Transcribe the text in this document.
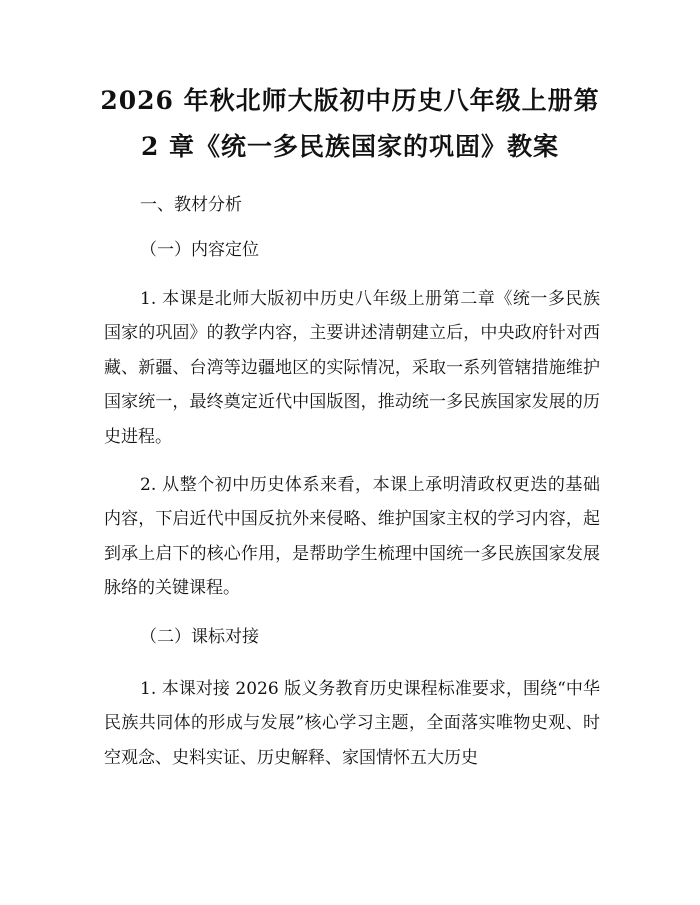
2026 年秋北师大版初中历史八年级上册第 2 章《统一多民族国家的巩固》教案

一、教材分析

（一）内容定位

1. 本课是北师大版初中历史八年级上册第二章《统一多民族国家的巩固》的教学内容，主要讲述清朝建立后，中央政府针对西藏、新疆、台湾等边疆地区的实际情况，采取一系列管辖措施维护国家统一，最终奠定近代中国版图，推动统一多民族国家发展的历史进程。

2. 从整个初中历史体系来看，本课上承明清政权更迭的基础内容，下启近代中国反抗外来侵略、维护国家主权的学习内容，起到承上启下的核心作用，是帮助学生梳理中国统一多民族国家发展脉络的关键课程。

（二）课标对接

1. 本课对接 2026 版义务教育历史课程标准要求，围绕“中华民族共同体的形成与发展”核心学习主题，全面落实唯物史观、时空观念、史料实证、历史解释、家国情怀五大历史
